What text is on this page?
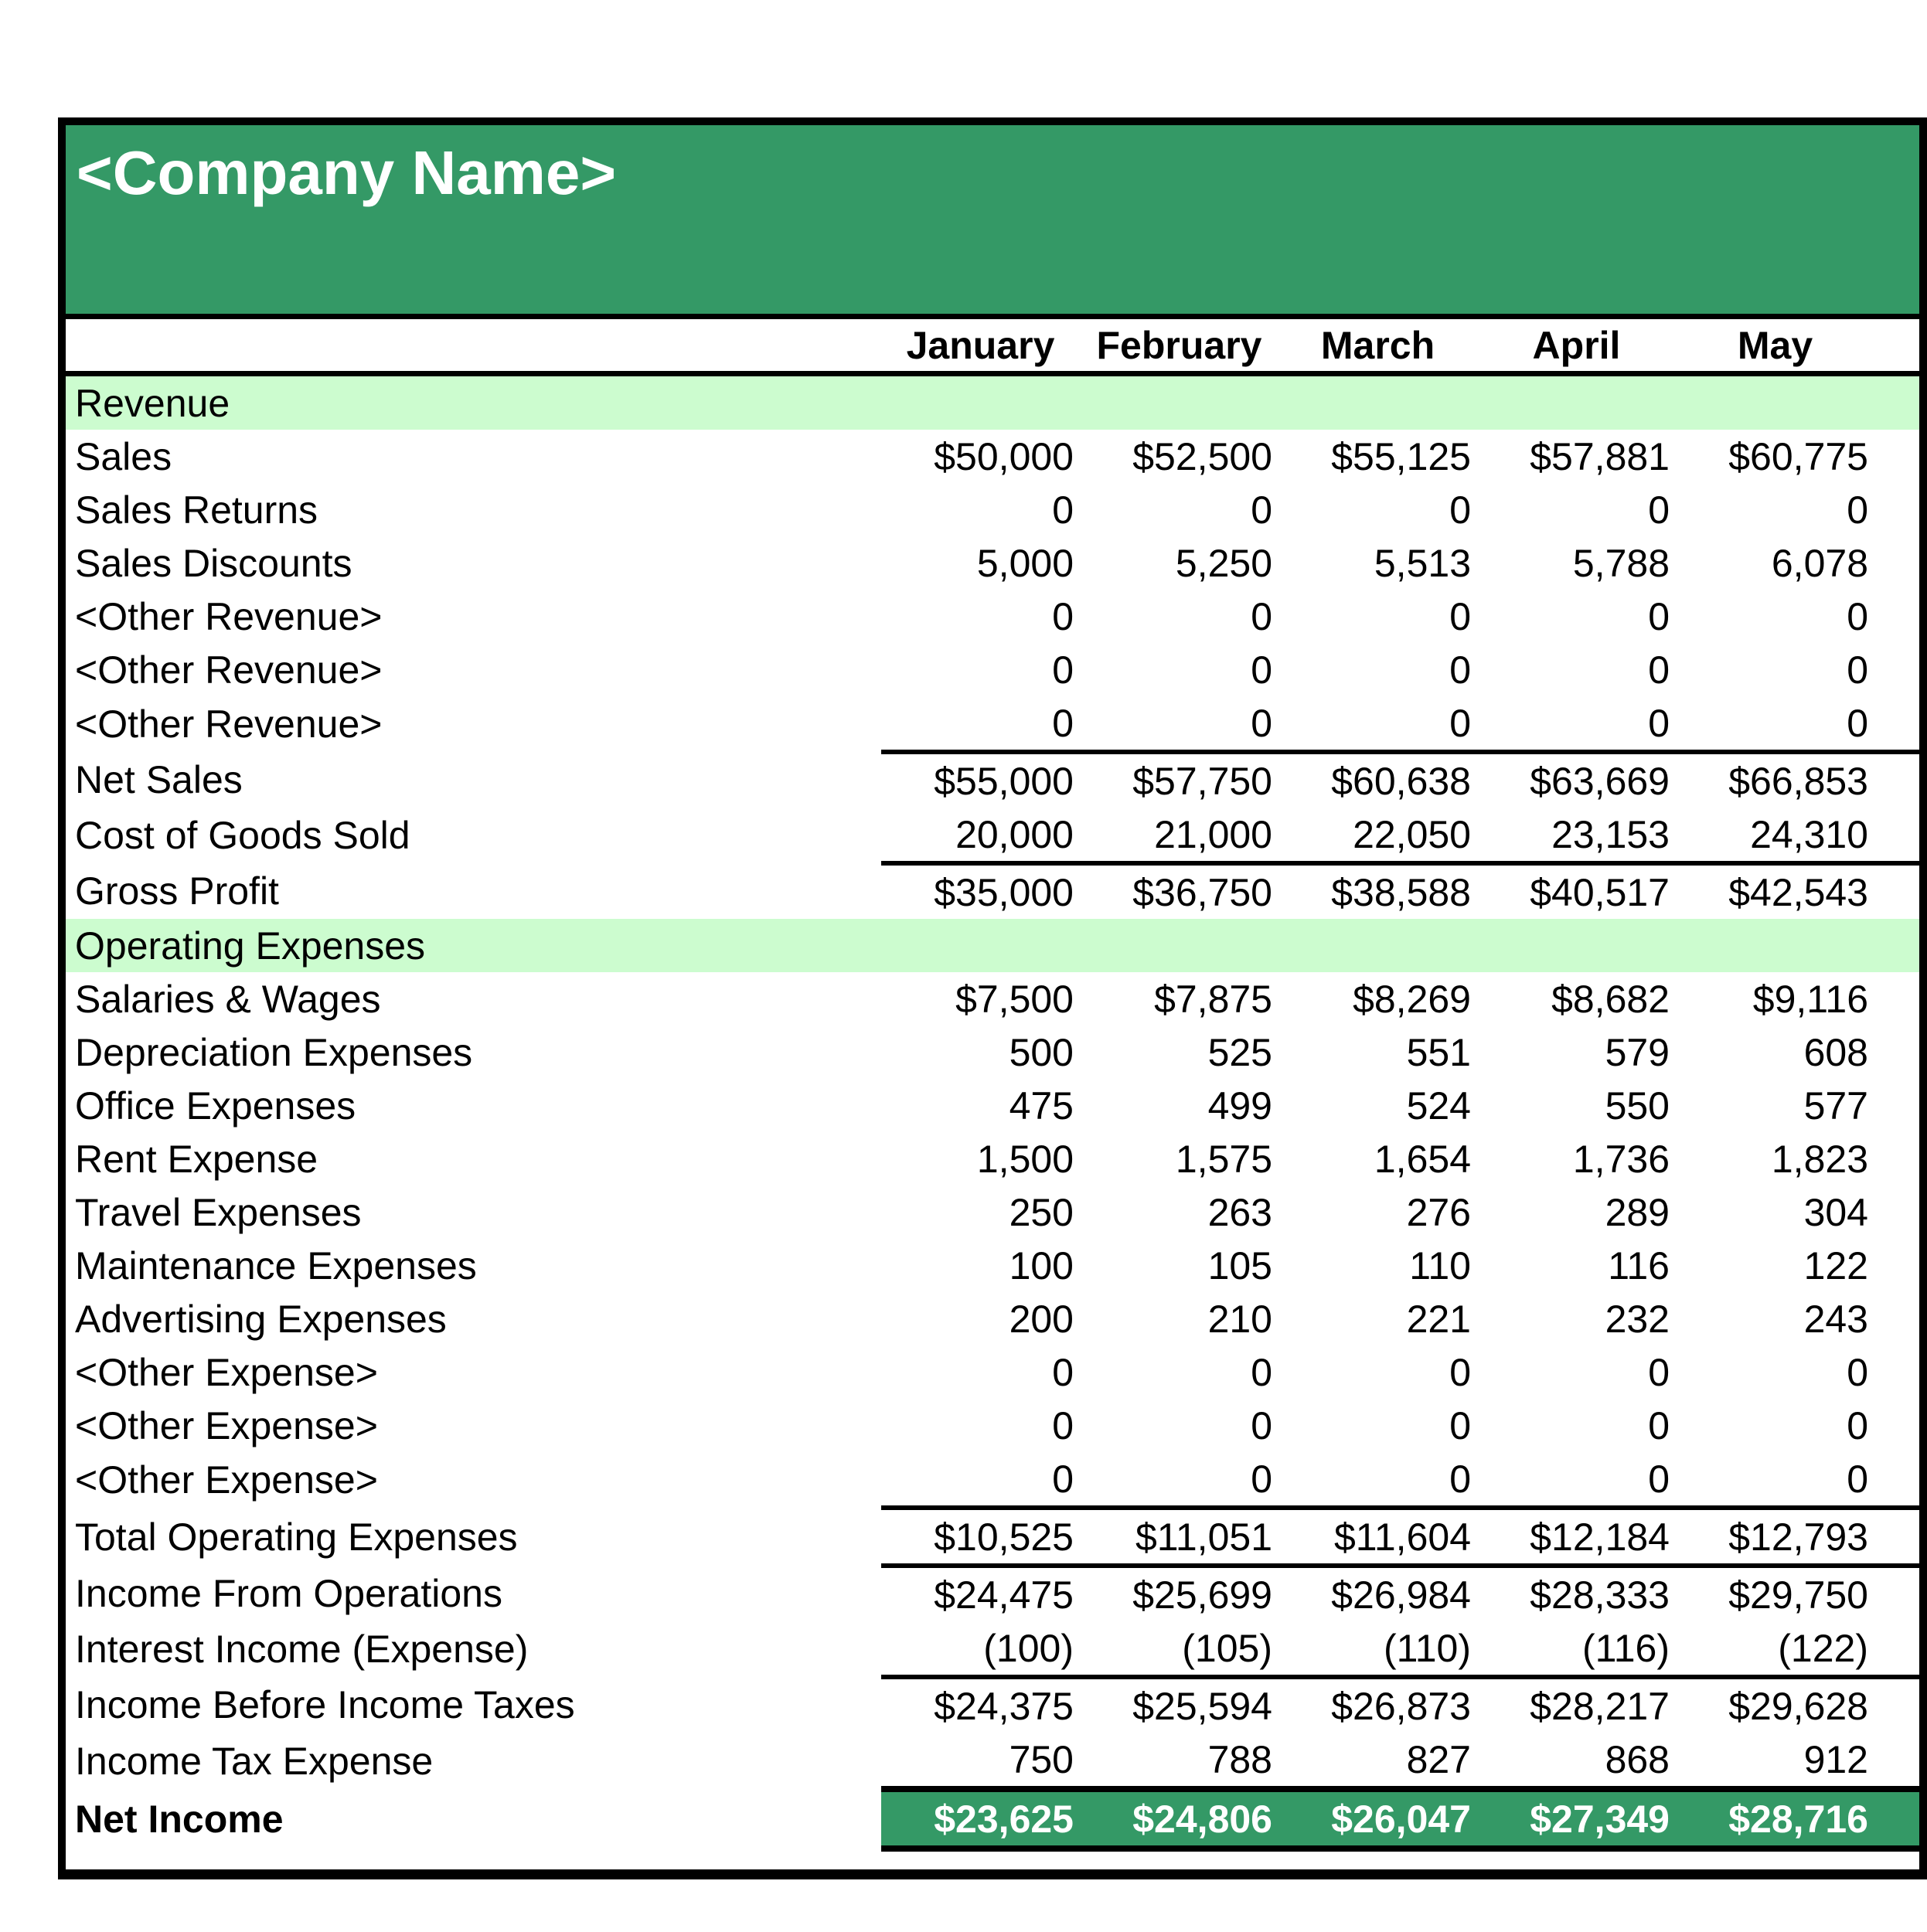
<Company Name>
	January	February	March	April	May	
Revenue						
Sales	$50,000	$52,500	$55,125	$57,881	$60,775	
Sales Returns	0	0	0	0	0	
Sales Discounts	5,000	5,250	5,513	5,788	6,078	
<Other Revenue>	0	0	0	0	0	
<Other Revenue>	0	0	0	0	0	
<Other Revenue>	0	0	0	0	0	
Net Sales	$55,000	$57,750	$60,638	$63,669	$66,853	
Cost of Goods Sold	20,000	21,000	22,050	23,153	24,310	
Gross Profit	$35,000	$36,750	$38,588	$40,517	$42,543	
Operating Expenses						
Salaries & Wages	$7,500	$7,875	$8,269	$8,682	$9,116	
Depreciation Expenses	500	525	551	579	608	
Office Expenses	475	499	524	550	577	
Rent Expense	1,500	1,575	1,654	1,736	1,823	
Travel Expenses	250	263	276	289	304	
Maintenance Expenses	100	105	110	116	122	
Advertising Expenses	200	210	221	232	243	
<Other Expense>	0	0	0	0	0	
<Other Expense>	0	0	0	0	0	
<Other Expense>	0	0	0	0	0	
Total Operating Expenses	$10,525	$11,051	$11,604	$12,184	$12,793	
Income From Operations	$24,475	$25,699	$26,984	$28,333	$29,750	
Interest Income (Expense)	(100)	(105)	(110)	(116)	(122)	
Income Before Income Taxes	$24,375	$25,594	$26,873	$28,217	$29,628	
Income Tax Expense	750	788	827	868	912	
Net Income	$23,625	$24,806	$26,047	$27,349	$28,716	
